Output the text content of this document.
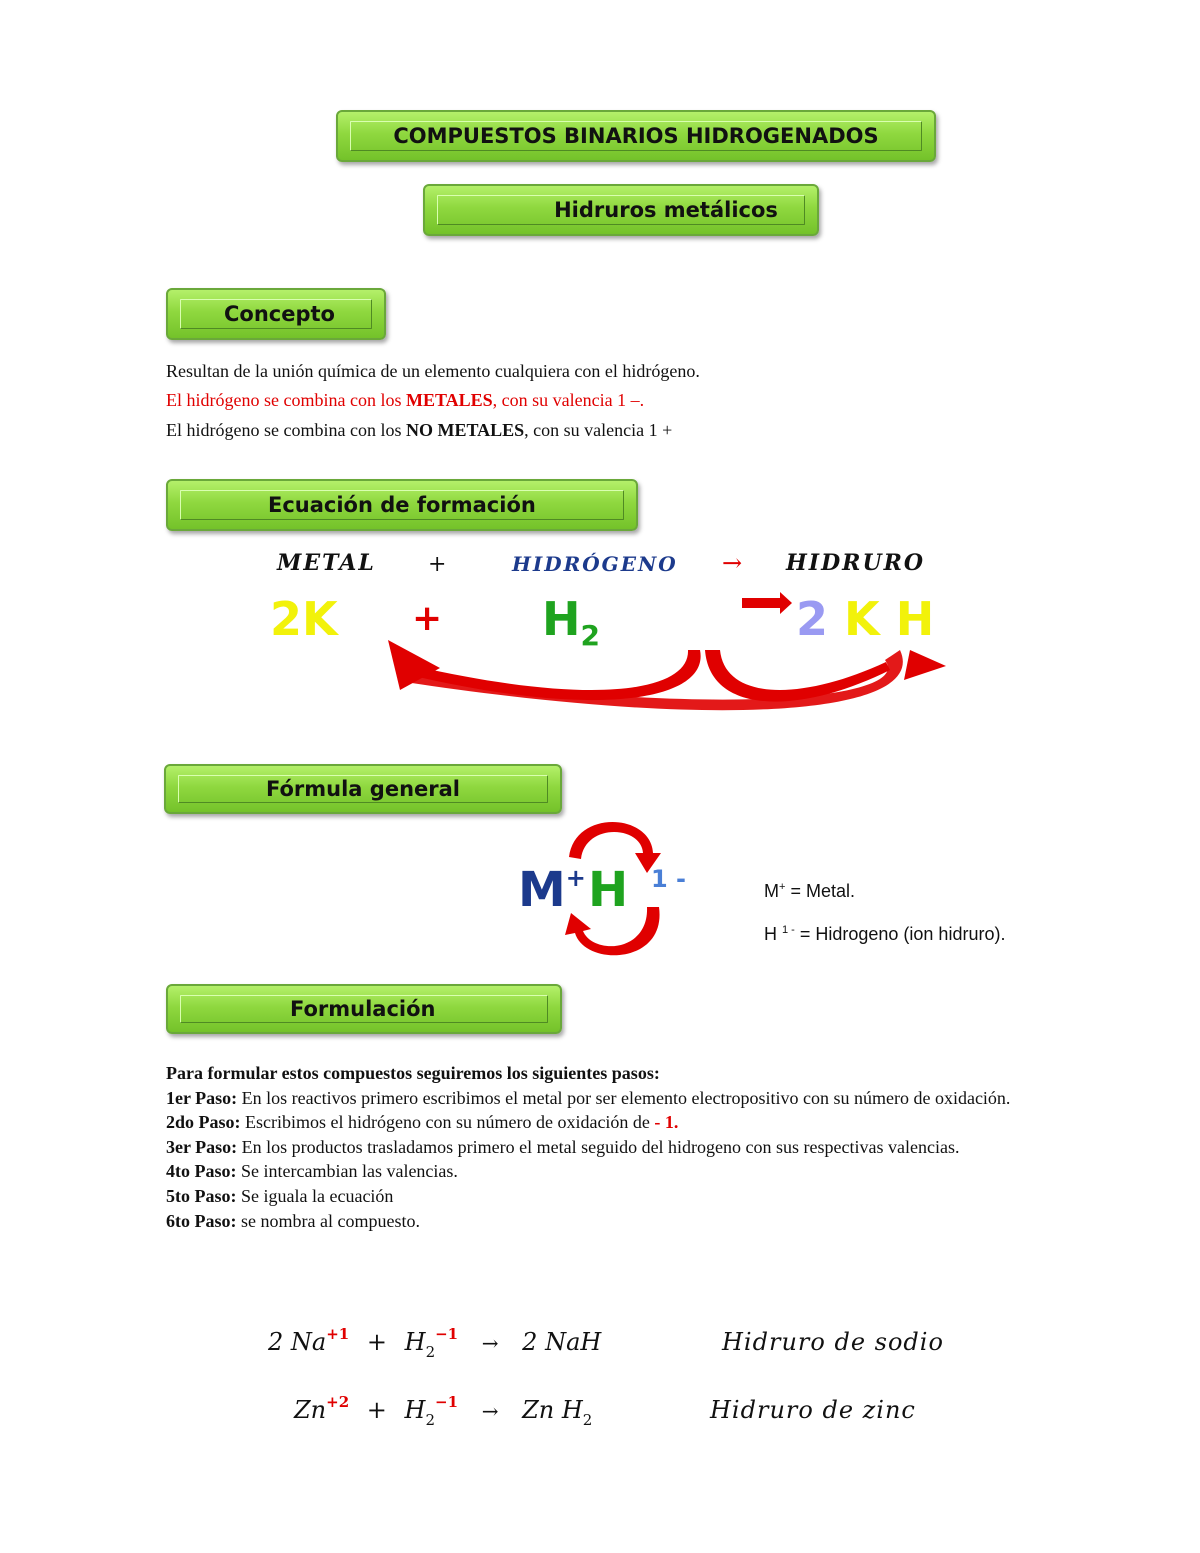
COMPUESTOS BINARIOS HIDROGENADOS
Hidruros metálicos
Concepto
Resultan de la unión química de un elemento cualquiera con el hidrógeno.
El hidrógeno se combina con los METALES, con su valencia 1 –.
El hidrógeno se combina con los NO METALES, con su valencia 1 +
Ecuación de formación
METAL +	HIDRÓGENO → HIDRURO
$2K + H_2$	2 K H
Fórmula general
M+ H 1 -	M+ = Metal.
H $^{1 -}$ = Hidrogeno (ion hidruro).
Formulación

Para formular estos compuestos seguiremos los siguientes pasos:

1er Paso: En los reactivos primero escribimos el metal por ser elemento electropositivo con su número de oxidación.

2do Paso: Escribimos el hidrógeno con su número de oxidación de - 1.

3er Paso: En los productos trasladamos primero el metal seguido del hidrogeno con sus respectivas valencias.

4to Paso: Se intercambian las valencias.

5to Paso: Se iguala la ecuación

6to Paso: se nombra al compuesto.

2 $Na^{+1} + H_2^{-1} \to 2$ NaH	Hidruro de sodio
$Zn^{+2} + H_2^{-1} \to Zn$ $H_2$	Hidruro de zinc
